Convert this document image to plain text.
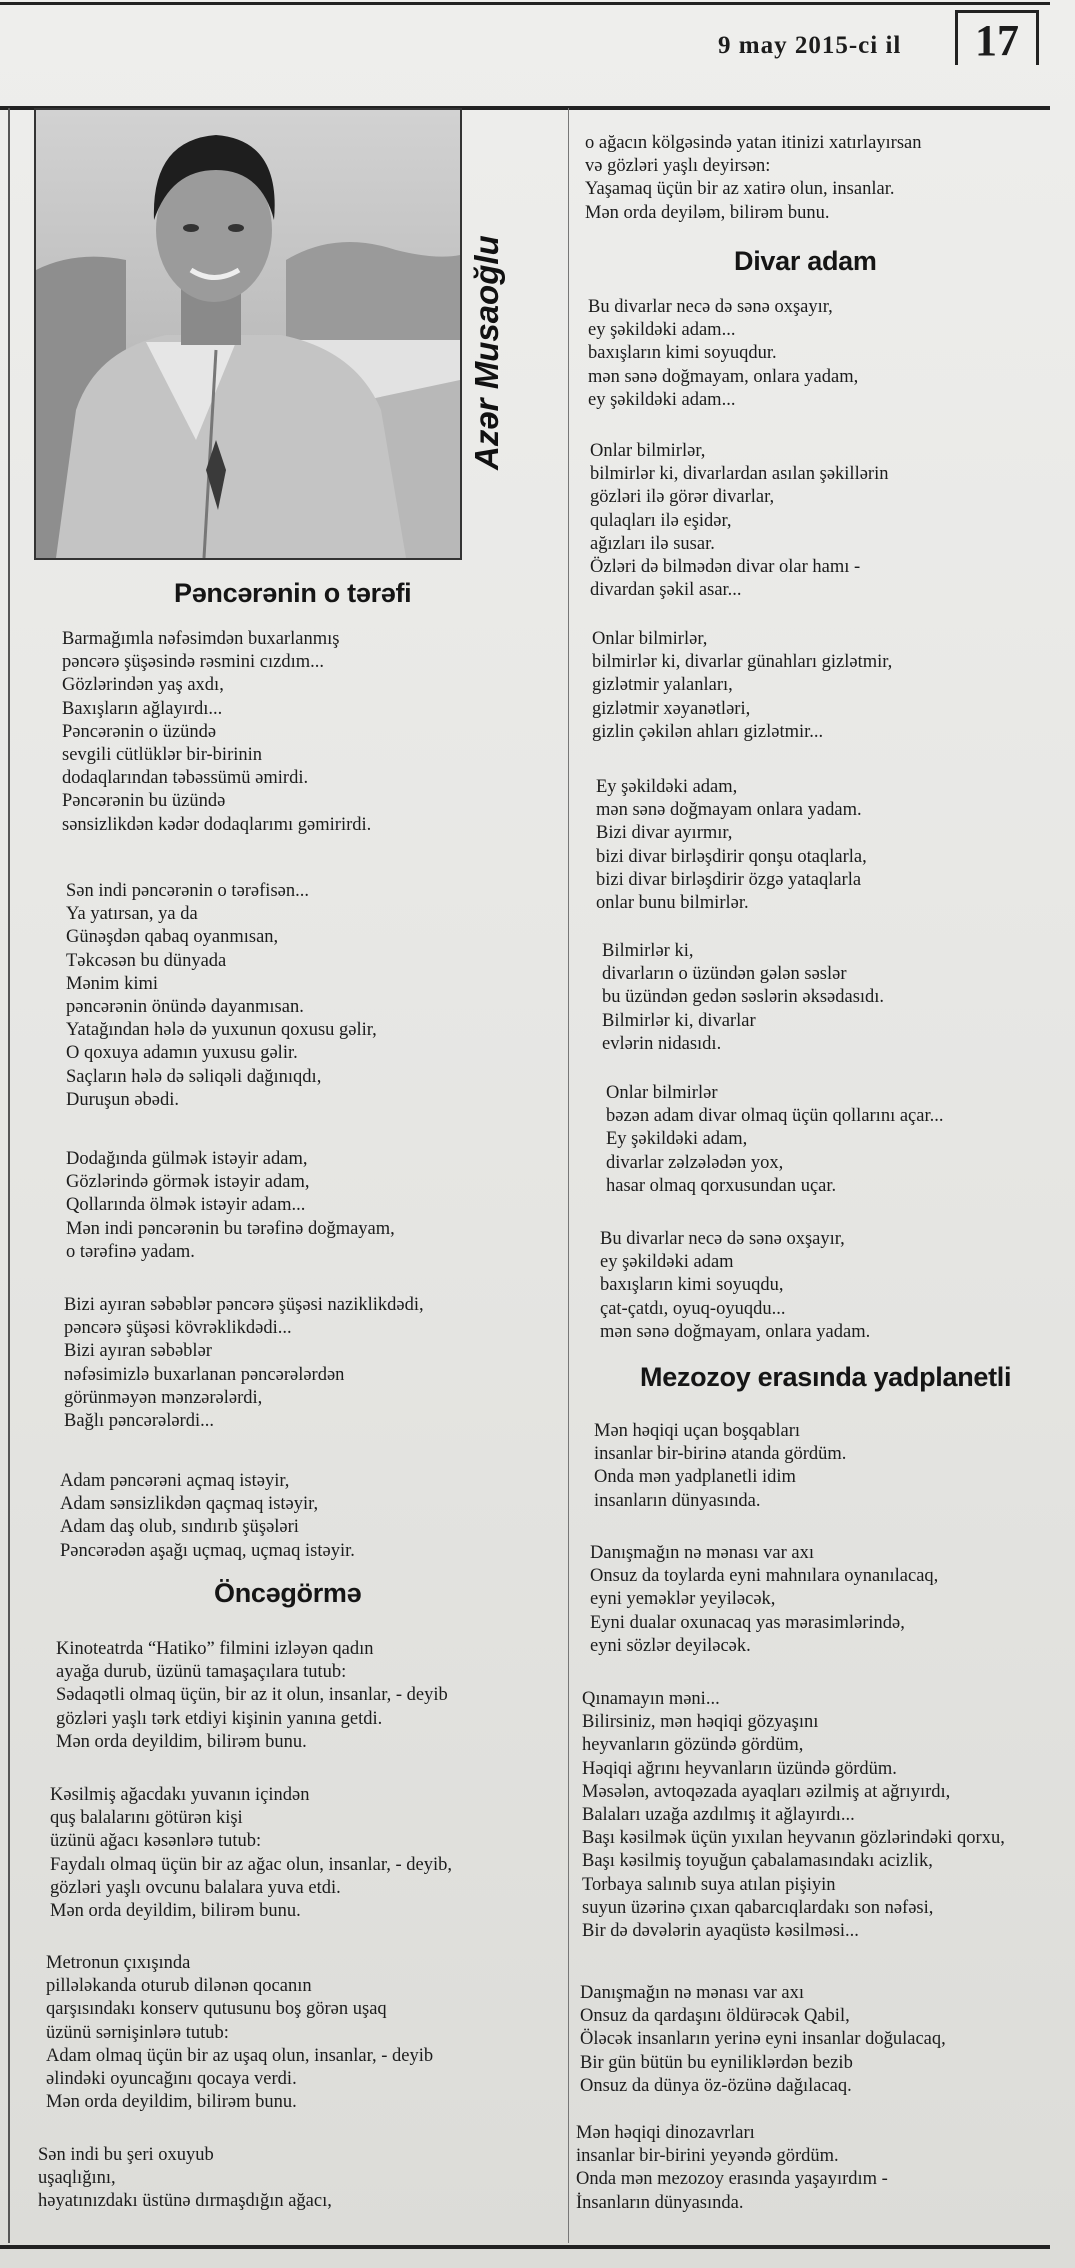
9 may 2015-ci il	17
Azər Musaoğlu
Pəncərənin o tərəfi
Barmağımla nəfəsimdən buxarlanmış
pəncərə şüşəsində rəsmini cızdım...
Gözlərindən yaş axdı,
Baxışların ağlayırdı...
Pəncərənin o üzündə
sevgili cütlüklər bir-birinin
dodaqlarından təbəssümü əmirdi.
Pəncərənin bu üzündə
sənsizlikdən kədər dodaqlarımı gəmirirdi.
Sən indi pəncərənin o tərəfisən...
Ya yatırsan, ya da
Günəşdən qabaq oyanmısan,
Təkcəsən bu dünyada
Mənim kimi
pəncərənin önündə dayanmısan.
Yatağından hələ də yuxunun qoxusu gəlir,
O qoxuya adamın yuxusu gəlir.
Saçların hələ də səliqəli dağınıqdı,
Duruşun əbədi.
Dodağında gülmək istəyir adam,
Gözlərində görmək istəyir adam,
Qollarında ölmək istəyir adam...
Mən indi pəncərənin bu tərəfinə doğmayam,
o tərəfinə yadam.
Bizi ayıran səbəblər pəncərə şüşəsi naziklikdədi,
pəncərə şüşəsi kövrəklikdədi...
Bizi ayıran səbəblər
nəfəsimizlə buxarlanan pəncərələrdən
görünməyən mənzərələrdi,
Bağlı pəncərələrdi...
Adam pəncərəni açmaq istəyir,
Adam sənsizlikdən qaçmaq istəyir,
Adam daş olub, sındırıb şüşələri
Pəncərədən aşağı uçmaq, uçmaq istəyir.
Öncəgörmə
Kinoteatrda “Hatiko” filmini izləyən qadın
ayağa durub, üzünü tamaşaçılara tutub:
Sədaqətli olmaq üçün, bir az it olun, insanlar, - deyib
gözləri yaşlı tərk etdiyi kişinin yanına getdi.
Mən orda deyildim, bilirəm bunu.
Kəsilmiş ağacdakı yuvanın içindən
quş balalarını götürən kişi
üzünü ağacı kəsənlərə tutub:
Faydalı olmaq üçün bir az ağac olun, insanlar, - deyib,
gözləri yaşlı ovcunu balalara yuva etdi.
Mən orda deyildim, bilirəm bunu.
Metronun çıxışında
pillələkanda oturub dilənən qocanın
qarşısındakı konserv qutusunu boş görən uşaq
üzünü sərnişinlərə tutub:
Adam olmaq üçün bir az uşaq olun, insanlar, - deyib
əlindəki oyuncağını qocaya verdi.
Mən orda deyildim, bilirəm bunu.
Sən indi bu şeri oxuyub
uşaqlığını,
həyatınızdakı üstünə dırmaşdığın ağacı,
o ağacın kölgəsində yatan itinizi xatırlayırsan
və gözləri yaşlı deyirsən:
Yaşamaq üçün bir az xatirə olun, insanlar.
Mən orda deyiləm, bilirəm bunu.
Divar adam
Bu divarlar necə də sənə oxşayır,
ey şəkildəki adam...
baxışların kimi soyuqdur.
mən sənə doğmayam, onlara yadam,
ey şəkildəki adam...
Onlar bilmirlər,
bilmirlər ki, divarlardan asılan şəkillərin
gözləri ilə görər divarlar,
qulaqları ilə eşidər,
ağızları ilə susar.
Özləri də bilmədən divar olar hamı -
divardan şəkil asar...
Onlar bilmirlər,
bilmirlər ki, divarlar günahları gizlətmir,
gizlətmir yalanları,
gizlətmir xəyanətləri,
gizlin çəkilən ahları gizlətmir...
Ey şəkildəki adam,
mən sənə doğmayam onlara yadam.
Bizi divar ayırmır,
bizi divar birləşdirir qonşu otaqlarla,
bizi divar birləşdirir özgə yataqlarla
onlar bunu bilmirlər.
Bilmirlər ki,
divarların o üzündən gələn səslər
bu üzündən gedən səslərin əksədasıdı.
Bilmirlər ki, divarlar
evlərin nidasıdı.
Onlar bilmirlər
bəzən adam divar olmaq üçün qollarını açar...
Ey şəkildəki adam,
divarlar zəlzələdən yox,
hasar olmaq qorxusundan uçar.
Bu divarlar necə də sənə oxşayır,
ey şəkildəki adam
baxışların kimi soyuqdu,
çat-çatdı, oyuq-oyuqdu...
mən sənə doğmayam, onlara yadam.
Mezozoy erasında yadplanetli
Mən həqiqi uçan boşqabları
insanlar bir-birinə atanda gördüm.
Onda mən yadplanetli idim
insanların dünyasında.
Danışmağın nə mənası var axı
Onsuz da toylarda eyni mahnılara oynanılacaq,
eyni yeməklər yeyiləcək,
Eyni dualar oxunacaq yas mərasimlərində,
eyni sözlər deyiləcək.
Qınamayın məni...
Bilirsiniz, mən həqiqi gözyaşını
heyvanların gözündə gördüm,
Həqiqi ağrını heyvanların üzündə gördüm.
Məsələn, avtoqəzada ayaqları əzilmiş at ağrıyırdı,
Balaları uzağa azdılmış it ağlayırdı...
Başı kəsilmək üçün yıxılan heyvanın gözlərindəki qorxu,
Başı kəsilmiş toyuğun çabalamasındakı acizlik,
Torbaya salınıb suya atılan pişiyin
suyun üzərinə çıxan qabarcıqlardakı son nəfəsi,
Bir də dəvələrin ayaqüstə kəsilməsi...
Danışmağın nə mənası var axı
Onsuz da qardaşını öldürəcək Qabil,
Öləcək insanların yerinə eyni insanlar doğulacaq,
Bir gün bütün bu eyniliklərdən bezib
Onsuz da dünya öz-özünə dağılacaq.
Mən həqiqi dinozavrları
insanlar bir-birini yeyəndə gördüm.
Onda mən mezozoy erasında yaşayırdım -
İnsanların dünyasında.
